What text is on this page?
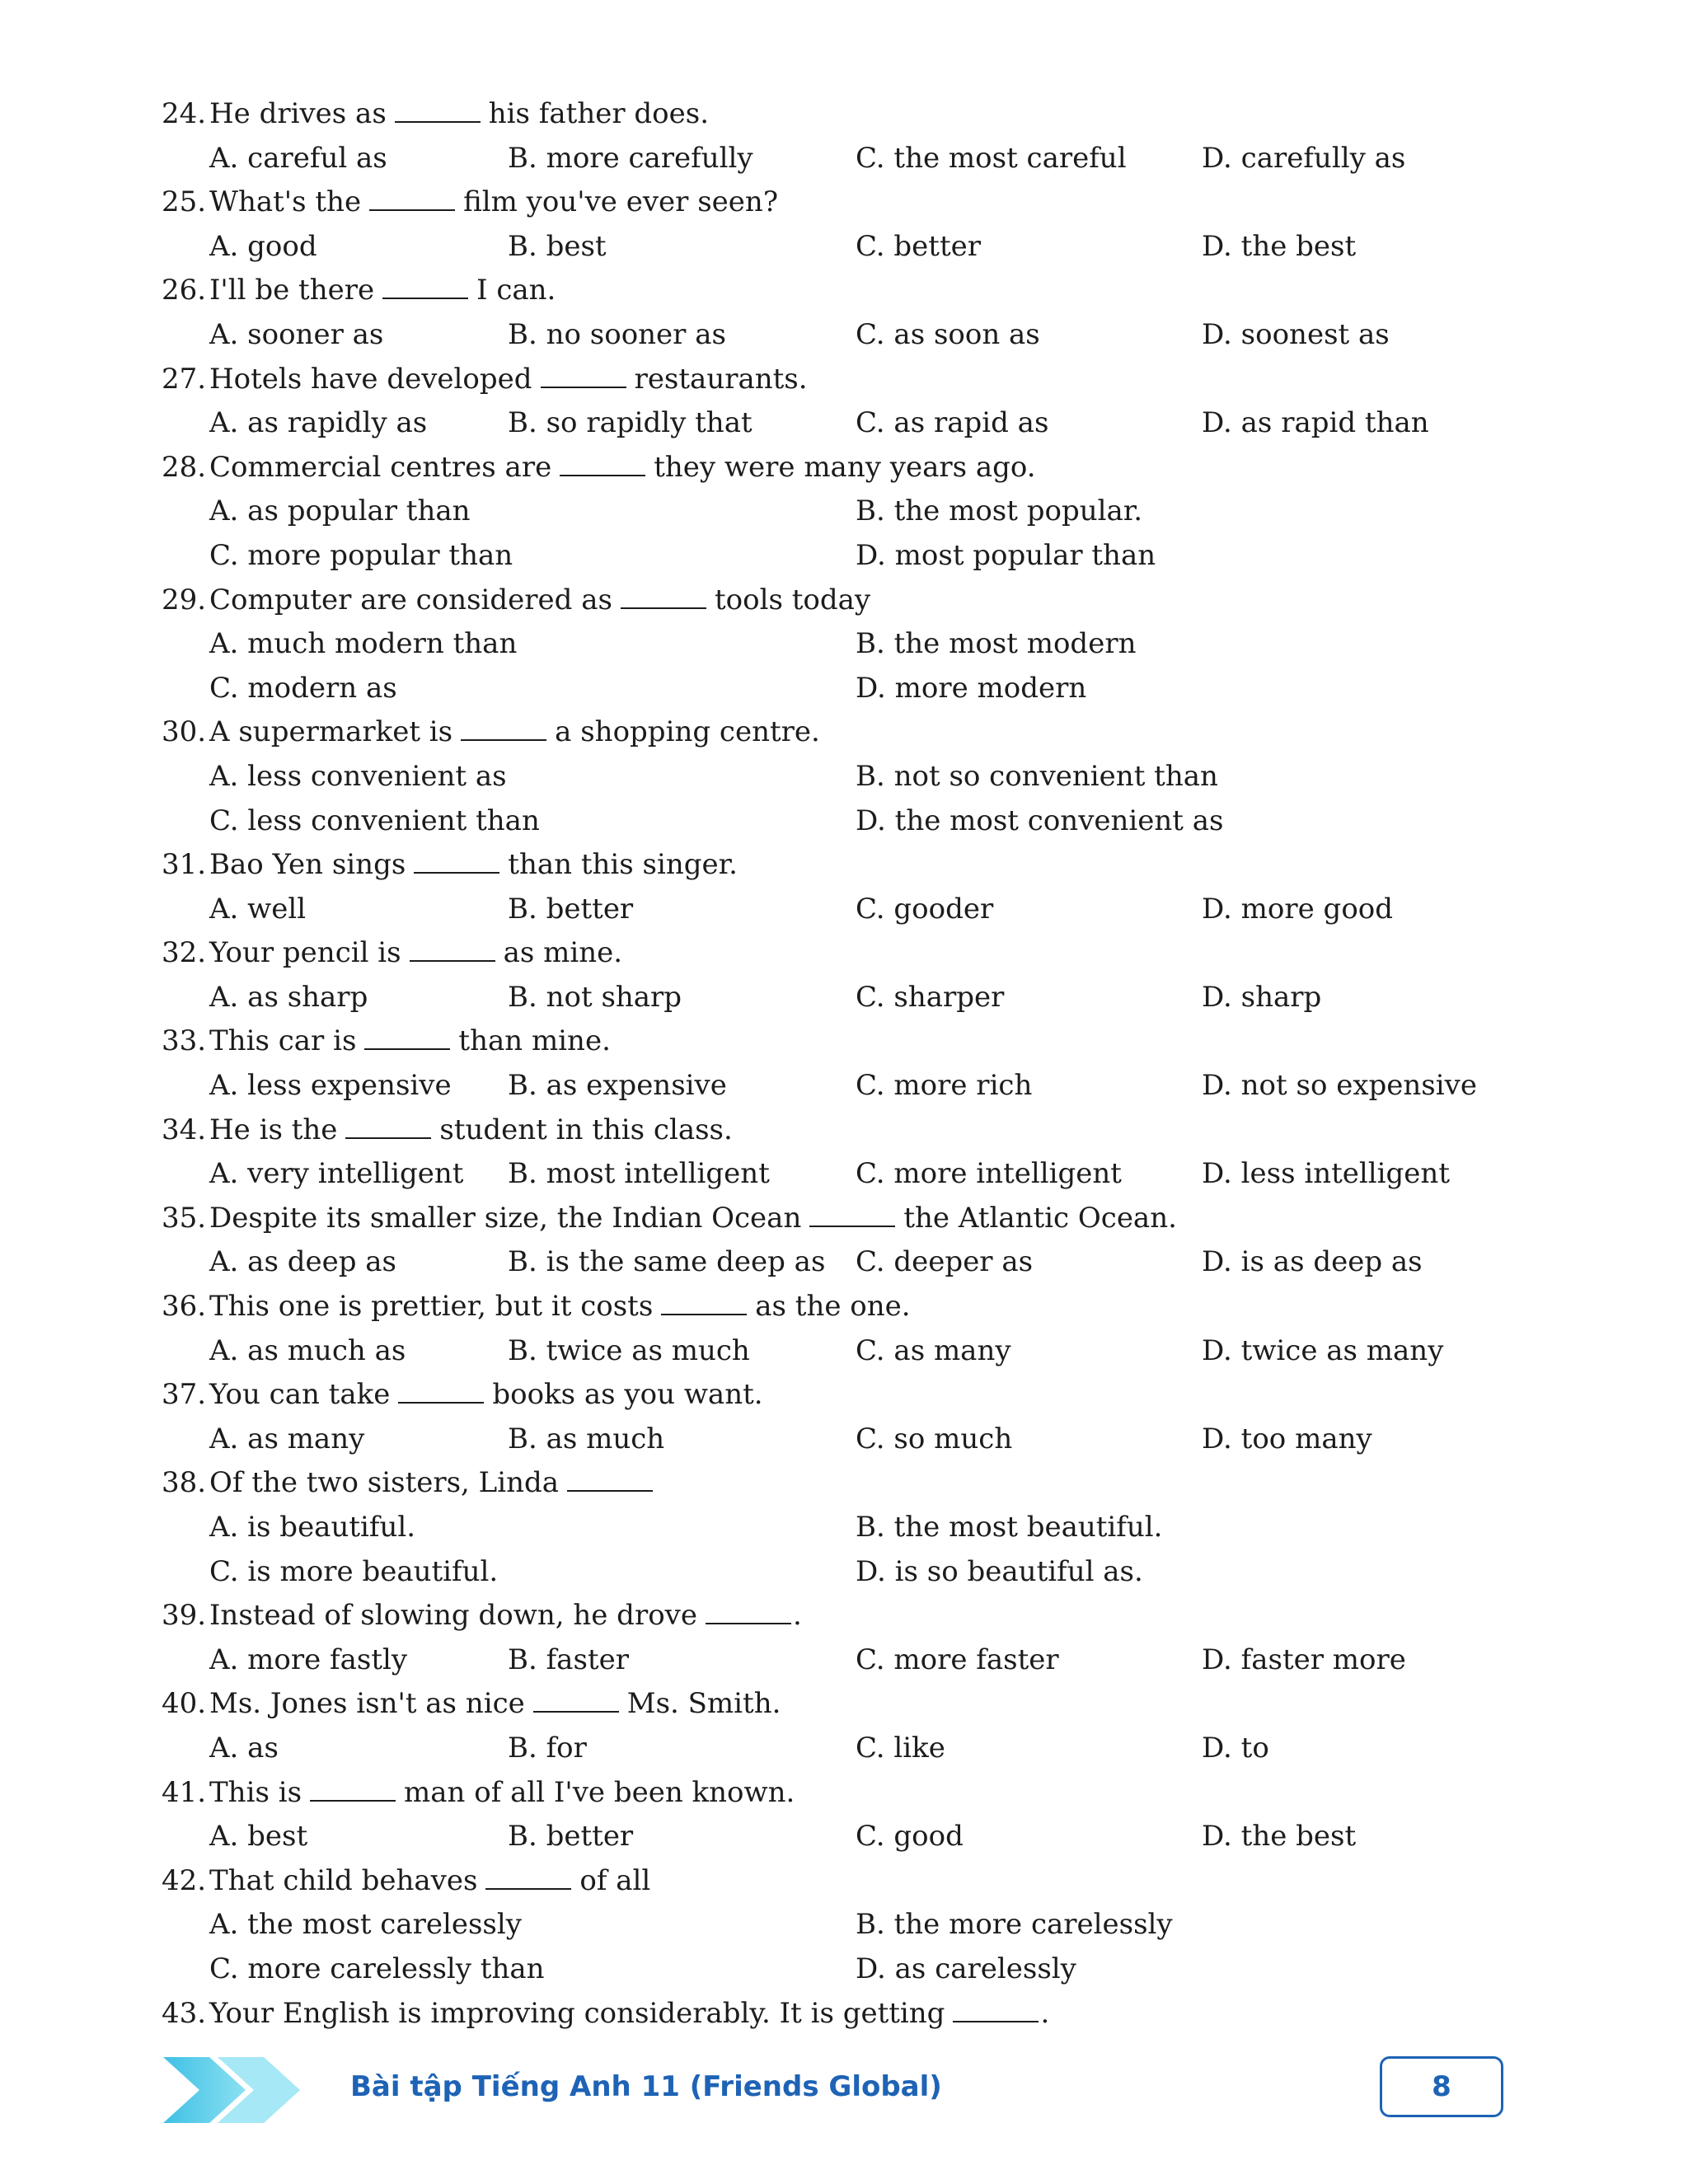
24. He drives as	his father does.
A. careful as	B. more carefully	C. the most careful	D. carefully as
25. What's the	film you've ever seen?
A. good	B. best	C. better	D. the best
26. I'll be there	I can.
A. sooner as	B. no sooner as	C. as soon as	D. soonest as
27. Hotels have developed	restaurants.
A. as rapidly as	B. so rapidly that	C. as rapid as	D. as rapid than
28. Commercial centres are	they were many years ago.
A. as popular than	B. the most popular.
C. more popular than	D. most popular than
29. Computer are considered as	tools today
A. much modern than	B. the most modern
C. modern as	D. more modern
30. A supermarket is	a shopping centre.
A. less convenient as	B. not so convenient than
C. less convenient than	D. the most convenient as
31. Bao Yen sings	than this singer.
A. well	B. better	C. gooder	D. more good
32. Your pencil is	as mine.
A. as sharp	B. not sharp	C. sharper	D. sharp
33. This car is	than mine.
A. less expensive B. as expensive	C. more rich	D. not so expensive
34. He is the	student in this class.
A. very intelligent B. most intelligent	C. more intelligent	D. less intelligent
35. Despite its smaller size, the Indian Ocean	the Atlantic Ocean.
A. as deep as	B. is the same deep as C. deeper as	D. is as deep as
36. This one is prettier, but it costs	as the one.
A. as much as	B. twice as much	C. as many	D. twice as many
37. You can take	books as you want.
A. as many	B. as much	C. so much	D. too many
38. Of the two sisters, Linda
A. is beautiful.	B. the most beautiful.
C. is more beautiful.	D. is so beautiful as.
39. Instead of slowing down, he drove	.
A. more fastly	B. faster	C. more faster	D. faster more
40. Ms. Jones isn't as nice	Ms. Smith.
A. as	B. for	C. like	D. to
41. This is	man of all I've been known.
A. best	B. better	C. good	D. the best
42. That child behaves	of all
A. the most carelessly	B. the more carelessly
C. more carelessly than	D. as carelessly
43. Your English is improving considerably. It is getting	.
Bài tập Tiếng Anh 11 (Friends Global)	8
